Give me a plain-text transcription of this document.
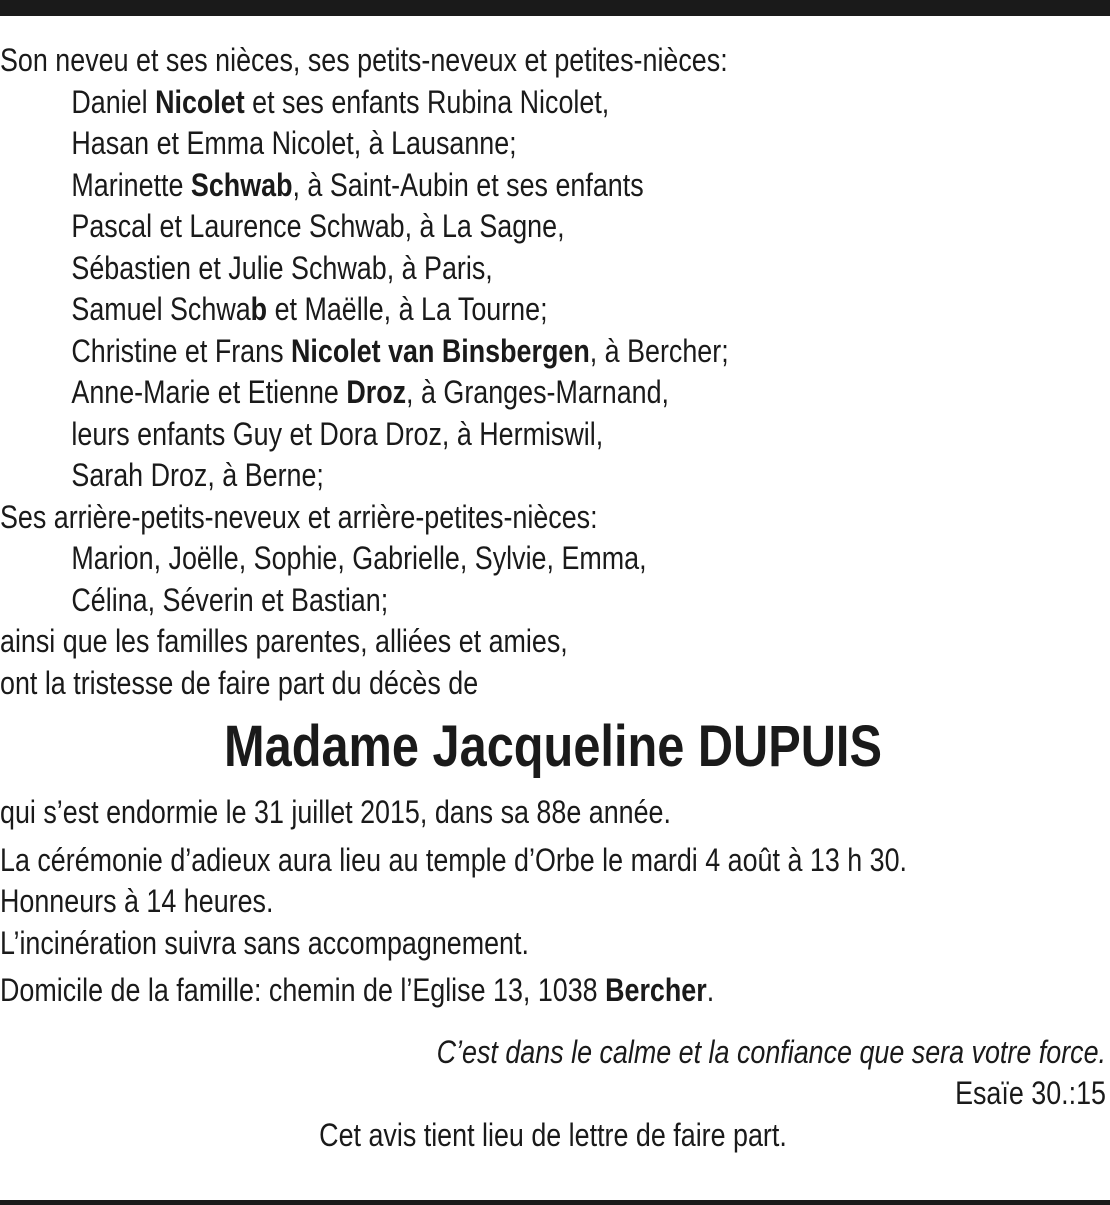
Son neveu et ses nièces, ses petits-neveux et petites-nièces:
Daniel Nicolet et ses enfants Rubina Nicolet,
Hasan et Emma Nicolet, à Lausanne;
Marinette Schwab, à Saint-Aubin et ses enfants
Pascal et Laurence Schwab, à La Sagne,
Sébastien et Julie Schwab, à Paris,
Samuel Schwab et Maëlle, à La Tourne;
Christine et Frans Nicolet van Binsbergen, à Bercher;
Anne-Marie et Etienne Droz, à Granges-Marnand,
leurs enfants Guy et Dora Droz, à Hermiswil,
Sarah Droz, à Berne;
Ses arrière-petits-neveux et arrière-petites-nièces:
Marion, Joëlle, Sophie, Gabrielle, Sylvie, Emma,
Célina, Séverin et Bastian;
ainsi que les familles parentes, alliées et amies,
ont la tristesse de faire part du décès de
Madame Jacqueline DUPUIS
qui s’est endormie le 31 juillet 2015, dans sa 88e année.
La cérémonie d’adieux aura lieu au temple d’Orbe le mardi 4 août à 13 h 30.
Honneurs à 14 heures.
L’incinération suivra sans accompagnement.
Domicile de la famille: chemin de l’Eglise 13, 1038 Bercher.
C’est dans le calme et la confiance que sera votre force.
Esaïe 30.:15
Cet avis tient lieu de lettre de faire part.
